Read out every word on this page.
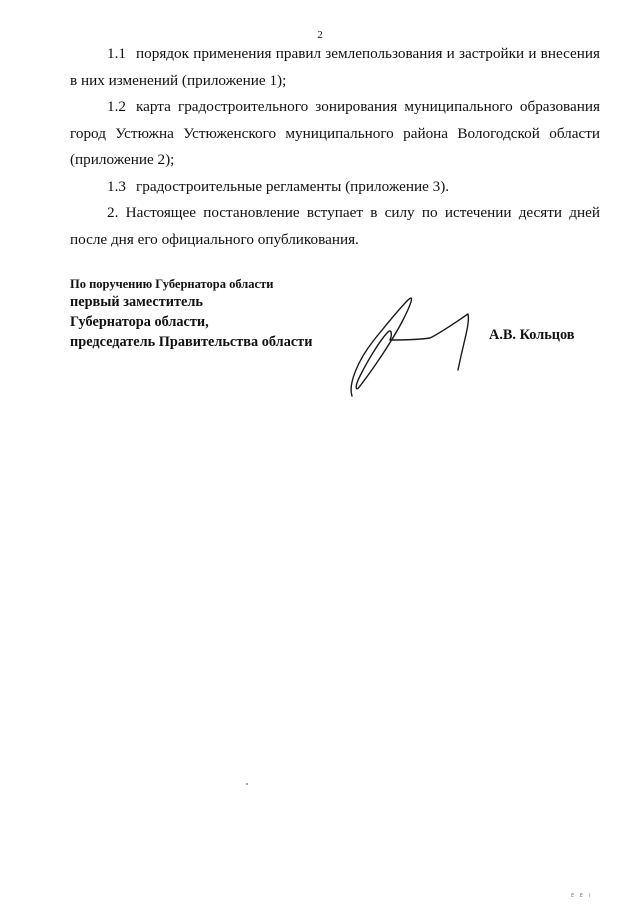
2

1.1 порядок применения правил землепользования и застройки и внесения в них изменений (приложение 1);

1.2 карта градостроительного зонирования муниципального образования город Устюжна Устюженского муниципального района Вологодской области (приложение 2);

1.3 градостроительные регламенты (приложение 3).

2. Настоящее постановление вступает в силу по истечении десяти дней после дня его официального опубликования.

По поручению Губернатора области

первый заместитель

Губернатора области,

председатель Правительства области	А.В. Кольцов
E E I
